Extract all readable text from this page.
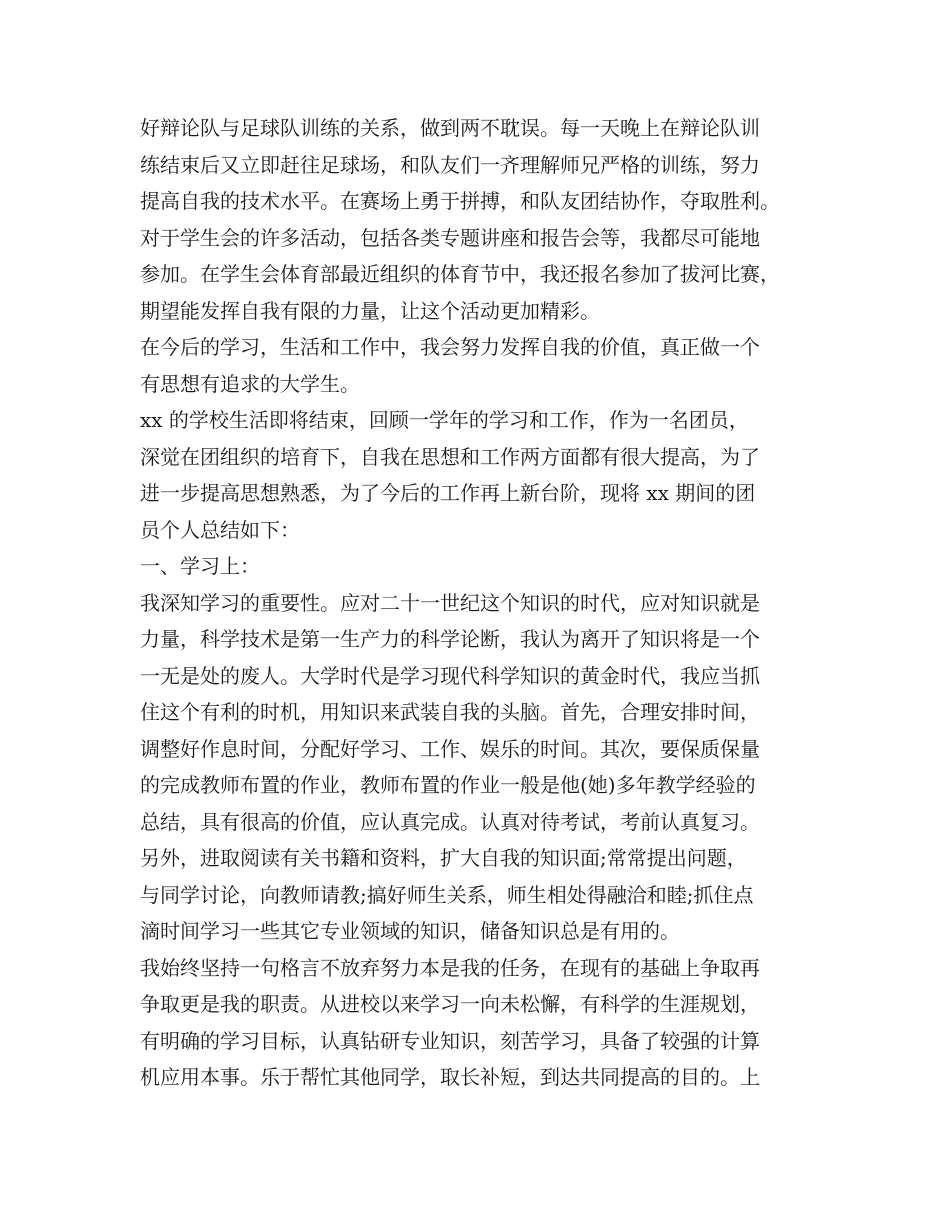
好辩论队与足球队训练的关系，做到两不耽误。每一天晚上在辩论队训
练结束后又立即赶往足球场，和队友们一齐理解师兄严格的训练，努力
提高自我的技术水平。在赛场上勇于拼搏，和队友团结协作，夺取胜利。
对于学生会的许多活动，包括各类专题讲座和报告会等，我都尽可能地
参加。在学生会体育部最近组织的体育节中，我还报名参加了拔河比赛，
期望能发挥自我有限的力量，让这个活动更加精彩。
在今后的学习，生活和工作中，我会努力发挥自我的价值，真正做一个
有思想有追求的大学生。
xx 的学校生活即将结束，回顾一学年的学习和工作，作为一名团员，
深觉在团组织的培育下，自我在思想和工作两方面都有很大提高，为了
进一步提高思想熟悉，为了今后的工作再上新台阶，现将 xx 期间的团
员个人总结如下：
一、学习上：
我深知学习的重要性。应对二十一世纪这个知识的时代，应对知识就是
力量，科学技术是第一生产力的科学论断，我认为离开了知识将是一个
一无是处的废人。大学时代是学习现代科学知识的黄金时代，我应当抓
住这个有利的时机，用知识来武装自我的头脑。首先，合理安排时间，
调整好作息时间，分配好学习、工作、娱乐的时间。其次，要保质保量
的完成教师布置的作业，教师布置的作业一般是他(她)多年教学经验的
总结，具有很高的价值，应认真完成。认真对待考试，考前认真复习。
另外，进取阅读有关书籍和资料，扩大自我的知识面;常常提出问题，
与同学讨论，向教师请教;搞好师生关系，师生相处得融洽和睦;抓住点
滴时间学习一些其它专业领域的知识，储备知识总是有用的。
我始终坚持一句格言不放弃努力本是我的任务，在现有的基础上争取再
争取更是我的职责。从进校以来学习一向未松懈，有科学的生涯规划，
有明确的学习目标，认真钻研专业知识，刻苦学习，具备了较强的计算
机应用本事。乐于帮忙其他同学，取长补短，到达共同提高的目的。上
